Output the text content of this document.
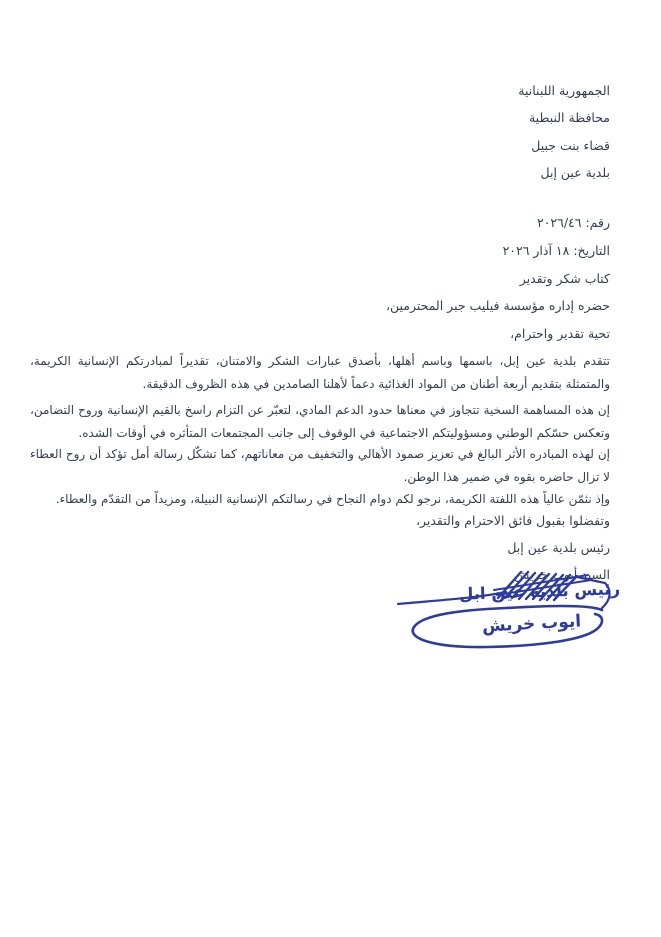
الجمهورية اللبنانية
محافظة النبطية
قضاء بنت جبيل
بلدية عين إبل
رقم: ٢٠٢٦/٤٦
التاريخ: ١٨ آذار ٢٠٢٦
كتاب شكر وتقدير
حضره إداره مؤسسة فيليب جبر المحترمين،
تحية تقدير واحترام،
تتقدم بلدية عين إبل، باسمها وباسم أهلها، بأصدق عبارات الشكر والامتنان، تقديراً لمبادرتكم الإنسانية الكريمة، والمتمثلة بتقديم أربعة أطنان من المواد الغذائية دعماً لأهلنا الصامدين في هذه الظروف الدقيقة.
إن هذه المساهمة السخية تتجاوز في معناها حدود الدعم المادي، لتعبّر عن التزام راسخ بالقيم الإنسانية وروح التضامن، وتعكس حسّكم الوطني ومسؤوليتكم الاجتماعية في الوقوف إلى جانب المجتمعات المتأثره في أوقات الشده.
إن لهذه المبادره الأثر البالغ في تعزيز صمود الأهالي والتخفيف من معاناتهم، كما تشكّل رسالة أمل تؤكد أن روح العطاء لا تزال حاضره بقوه في ضمير هذا الوطن.
وإذ نثمّن عالياً هذه اللفتة الكريمة، نرجو لكم دوام النجاح في رسالتكم الإنسانية النبيلة، ومزيداً من التقدّم والعطاء.
وتفضلوا بقبول فائق الاحترام والتقدير،
رئيس بلدية عين إبل
السيد أيوب خريش
رئيس بلدية عين ابل
ايوب خريش
